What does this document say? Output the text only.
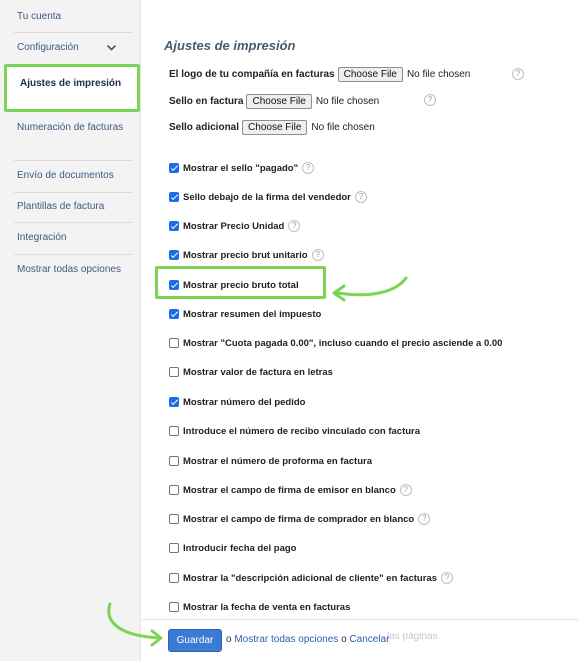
Tu cuenta
Configuración
Ajustes de impresión
Numeración de facturas
Envío de documentos
Plantillas de factura
Integración
Mostrar todas opciones
Ajustes de impresión
El logo de tu compañía en facturas Choose File	No file chosen	?
Sello en factura Choose File	No file chosen	?
Sello adicional Choose File	No file chosen
Mostrar el sello "pagado" ?
Sello debajo de la firma del vendedor ?
Mostrar Precio Unidad ?
Mostrar precio brut unitario ?
Mostrar precio bruto total
Mostrar resumen del impuesto
Mostrar "Cuota pagada 0.00", incluso cuando el precio asciende a 0.00
Mostrar valor de factura en letras
Mostrar número del pedido
Introduce el número de recibo vinculado con factura
Mostrar el número de proforma en factura
Mostrar el campo de firma de emisor en blanco ?
Mostrar el campo de firma de comprador en blanco ?
Introducir fecha del pago
Mostrar la "descripción adicional de cliente" en facturas ?
Mostrar la fecha de venta en facturas
las páginas
Guardar	o Mostrar todas opciones o Cancelar
